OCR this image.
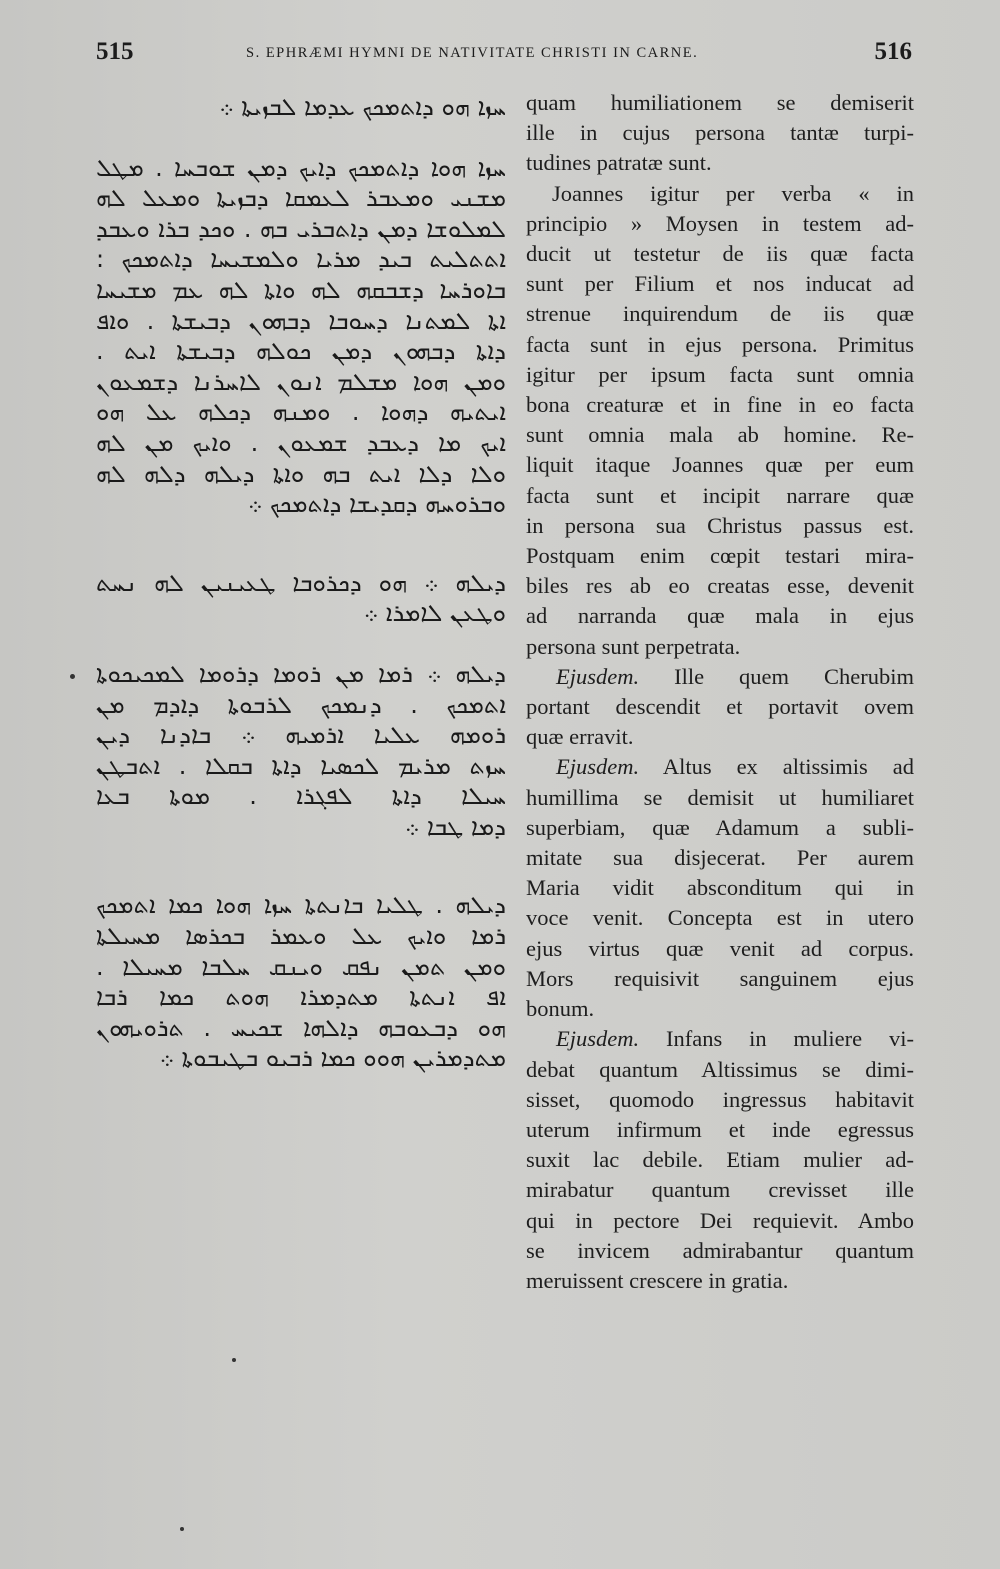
515	S. EPHRÆMI HYMNI DE NATIVITATE CHRISTI IN CARNE.	516
ܚܙܐ ܗܘ ܕܐܬܡܟܟ ܥܕܡܐ ܠܒܙܝܬܐ ܀
ܚܙܐ ܗܘܐ ܕܐܬܡܟܟ ܕܐܝܟ ܕܡܢ ܫܘܒܚܐ . ܡܛܠ
ܡܫܢܝ ܘܡܥܒܪ ܠܥܡܩܐ ܕܒܙܝܬܐ ܘܡܥܠ ܠܗ
ܠܡܠܘܫܐ ܕܡܢ ܕܐܬܒܪܝ ܒܗ . ܘܟܕ ܒܪܐ ܘܥܒܕ
ܐܬܬܠܝܬ ܒܝܕ ܡܪܝܐ ܘܠܡܫܝܚܐ ܕܐܬܡܟܟ :
ܒܐܘܪܚܐ ܕܫܒܩܗ ܠܗ ܘܐܬܐ ܠܗ ܥܡ ܡܫܝܚܐ
ܐܬܐ ܠܡܬܢܐ ܕܚܘܒܐ ܕܒܗܘܢ ܕܒܝܫܬܐ . ܘܐܦ
ܕܐܬܐ ܕܒܗܘܢ ܕܡܢ ܟܘܠܗ ܕܒܝܫܬܐ ܐܝܬ .
ܘܡܢ ܗܘܐ ܡܫܠܡ ܐܢܘܢ ܠܐܚܪܢܐ ܕܫܡܥܘܢ
ܐܝܬܝܗ ܕܗܘܐ . ܘܡܢܗ ܕܟܠܗ ܥܠ ܗܘ
ܐܝܟ ܡܐ ܕܥܒܕ ܫܡܥܘܢ . ܘܐܝܟ ܡܢ ܠܗ
ܘܠܐ ܕܠܐ ܐܝܬ ܒܗ ܘܐܬܐ ܕܝܠܗ ܕܠܗ ܠܗ
ܘܒܪܘܚܗ ܕܩܕܝܫܐ ܕܐܬܡܟܟ ܀
ܕܝܠܗ ܀ ܗܘ ܕܟܪܘܒܐ ܛܥܝܢܝܢ ܠܗ ܢܚܬ
ܘܛܥܢ ܠܐܡܪܐ ܀
ܕܝܠܗ ܀ ܪܡܐ ܡܢ ܪܘܡܐ ܕܪܘܡܐ ܠܡܟܝܟܘܬܐ
ܐܬܡܟܟ . ܕܢܡܟܟ ܠܪܒܘܬܐ ܕܐܕܡ ܡܢ
ܪܘܡܗ ܥܠܝܐ ܐܪܡܝܗ ܀ ܒܐܕܢܐ ܕܝܢ
ܚܙܬ ܡܪܝܡ ܠܟܣܝܐ ܕܐܬܐ ܒܩܠܐ . ܐܬܒܛܢ
ܚܝܠܐ ܕܐܬܐ ܠܦܓܪܐ . ܡܘܬܐ ܒܥܐ
ܕܡܐ ܛܒܐ ܀
ܕܝܠܗ . ܛܠܝܐ ܒܐܢܬܬܐ ܚܙܐ ܗܘܐ ܟܡܐ ܐܬܡܟܟ
ܪܡܐ ܘܐܝܟ ܥܠ ܘܥܡܪ ܒܟܪܣܐ ܡܚܝܠܬܐ
ܘܡܢ ܬܡܢ ܢܦܩ ܘܝܢܩ ܚܠܒܐ ܡܚܝܠܐ .
ܐܦ ܐܢܬܬܐ ܡܬܕܡܪܐ ܗܘܬ ܟܡܐ ܪܒܐ
ܗܘ ܕܒܥܘܒܗ ܕܐܠܗܐ ܫܟܝܚ . ܬܪܘܝܗܘܢ
ܡܬܕܡܪܝܢ ܗܘܘ ܟܡܐ ܪܒܝܘ ܒܛܝܒܘܬܐ ܀

quam humiliationem se demiserit
ille in cujus persona tantæ turpi-
tudines patratæ sunt.

Joannes igitur per verba « in
principio » Moysen in testem ad-
ducit ut testetur de iis quæ facta
sunt per Filium et nos inducat ad
strenue inquirendum de iis quæ
facta sunt in ejus persona. Primitus
igitur per ipsum facta sunt omnia
bona creaturæ et in fine in eo facta
sunt omnia mala ab homine. Re-
liquit itaque Joannes quæ per eum
facta sunt et incipit narrare quæ
in persona sua Christus passus est.
Postquam enim cœpit testari mira-
biles res ab eo creatas esse, devenit
ad narranda quæ mala in ejus
persona sunt perpetrata.

Ejusdem. Ille quem Cherubim
portant descendit et portavit ovem
quæ erravit.

Ejusdem. Altus ex altissimis ad
humillima se demisit ut humiliaret
superbiam, quæ Adamum a subli-
mitate sua disjecerat. Per aurem
Maria vidit absconditum qui in
voce venit. Concepta est in utero
ejus virtus quæ venit ad corpus.
Mors requisivit sanguinem ejus
bonum.

Ejusdem. Infans in muliere vi-
debat quantum Altissimus se dimi-
sisset, quomodo ingressus habitavit
uterum infirmum et inde egressus
suxit lac debile. Etiam mulier ad-
mirabatur quantum crevisset ille
qui in pectore Dei requievit. Ambo
se invicem admirabantur quantum
meruissent crescere in gratia.
